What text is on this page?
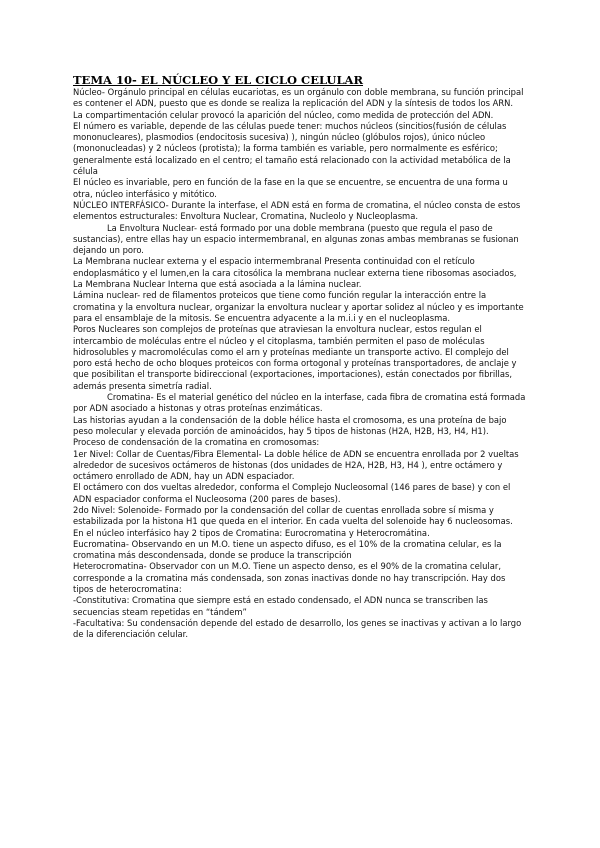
TEMA 10- EL NÚCLEO Y EL CICLO CELULAR

Núcleo- Orgánulo principal en células eucariotas, es un orgánulo con doble membrana, su función principal es contener el ADN, puesto que es donde se realiza la replicación del ADN y la síntesis de todos los ARN.

La compartimentación celular provocó la aparición del núcleo, como medida de protección del ADN.

El número es variable, depende de las células puede tener: muchos núcleos (sincitios(fusión de células mononucleares), plasmodios (endocitosis sucesiva) ), ningún núcleo (glóbulos rojos), único núcleo (mononucleadas) y 2 núcleos (protista); la forma también es variable, pero normalmente es esférico; generalmente está localizado en el centro; el tamaño está relacionado con la actividad metabólica de la célula

El núcleo es invariable, pero en función de la fase en la que se encuentre, se encuentra de una forma u otra, núcleo interfásico y mitótico.

NÚCLEO INTERFÁSICO- Durante la interfase, el ADN está en forma de cromatina, el núcleo consta de estos elementos estructurales: Envoltura Nuclear, Cromatina, Nucleolo y Nucleoplasma.

La Envoltura Nuclear- está formado por una doble membrana (puesto que regula el paso de sustancias), entre ellas hay un espacio intermembranal, en algunas zonas ambas membranas se fusionan dejando un poro.

La Membrana nuclear externa y el espacio intermembranal Presenta continuidad con el retículo endoplasmático y el lumen,en la cara citosólica la membrana nuclear externa tiene ribosomas asociados,

La Membrana Nuclear Interna que está asociada a la lámina nuclear.

Lámina nuclear- red de filamentos proteicos que tiene como función regular la interacción entre la cromatina y la envoltura nuclear, organizar la envoltura nuclear y aportar solidez al núcleo y es importante para el ensamblaje de la mitosis. Se encuentra adyacente a la m.i.i y en el nucleoplasma.

Poros Nucleares son complejos de proteínas que atraviesan la envoltura nuclear, estos regulan el intercambio de moléculas entre el núcleo y el citoplasma, también permiten el paso de moléculas hidrosolubles y macromoléculas como el arn y proteínas mediante un transporte activo. El complejo del poro está hecho de ocho bloques proteicos con forma ortogonal y proteínas transportadores, de anclaje y que posibilitan el transporte bidireccional (exportaciones, importaciones), están conectados por fibrillas, además presenta simetría radial.

Cromatina- Es el material genético del núcleo en la interfase, cada fibra de cromatina está formada por ADN asociado a histonas y otras proteínas enzimáticas.

Las historias ayudan a la condensación de la doble hélice hasta el cromosoma, es una proteína de bajo peso molecular y elevada porción de aminoácidos, hay 5 tipos de histonas (H2A, H2B, H3, H4, H1).

Proceso de condensación de la cromatina en cromosomas:

1er Nivel: Collar de Cuentas/Fibra Elemental- La doble hélice de ADN se encuentra enrollada por 2 vueltas alrededor de sucesivos octámeros de histonas (dos unidades de H2A, H2B, H3, H4 ), entre octámero y octámero enrollado de ADN, hay un ADN espaciador.

El octámero con dos vueltas alrededor, conforma el Complejo Nucleosomal (146 pares de base) y con el ADN espaciador conforma el Nucleosoma (200 pares de bases).

2do Nivel: Solenoide- Formado por la condensación del collar de cuentas enrollada sobre sí misma y estabilizada por la histona H1 que queda en el interior. En cada vuelta del solenoide hay 6 nucleosomas.

En el núcleo interfásico hay 2 tipos de Cromatina: Eurocromatina y Heterocromátina.

Eucromatina- Observando en un M.O. tiene un aspecto difuso, es el 10% de la cromatina celular, es la cromatina más descondensada, donde se produce la transcripción

Heterocromatina- Observador con un M.O. Tiene un aspecto denso, es el 90% de la cromatina celular, corresponde a la cromatina más condensada, son zonas inactivas donde no hay transcripción. Hay dos tipos de heterocromatina:

-Constitutiva: Cromatina que siempre está en estado condensado, el ADN nunca se transcriben las secuencias steam repetidas en “tándem”

-Facultativa: Su condensación depende del estado de desarrollo, los genes se inactivas y activan a lo largo de la diferenciación celular.
